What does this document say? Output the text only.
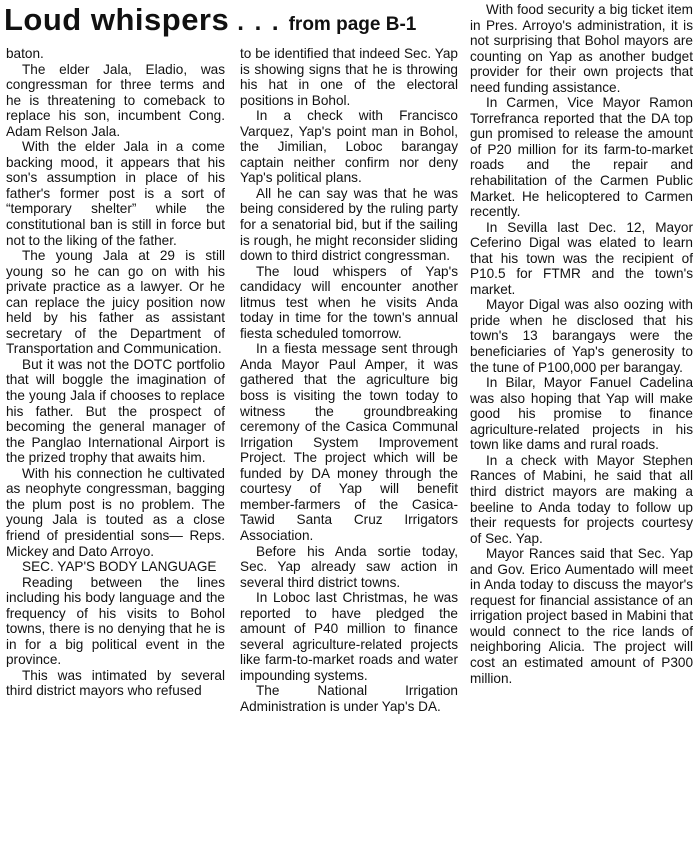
Loud whispers . . . from page B-1

baton.

The elder Jala, Eladio, was congressman for three terms and he is threatening to comeback to replace his son, incumbent Cong. Adam Relson Jala.

With the elder Jala in a come backing mood, it appears that his son's assumption in place of his father's former post is a sort of “temporary shelter” while the constitutional ban is still in force but not to the liking of the father.

The young Jala at 29 is still young so he can go on with his private practice as a lawyer. Or he can replace the juicy position now held by his father as assistant secretary of the Department of Transportation and Communication.

But it was not the DOTC portfolio that will boggle the imagination of the young Jala if chooses to replace his father. But the prospect of becoming the general manager of the Panglao International Airport is the prized trophy that awaits him.

With his connection he cultivated as neophyte congressman, bagging the plum post is no problem. The young Jala is touted as a close friend of presidential sons— Reps. Mickey and Dato Arroyo.

SEC. YAP'S BODY LANGUAGE

Reading between the lines including his body language and the frequency of his visits to Bohol towns, there is no denying that he is in for a big political event in the province.

This was intimated by several third district mayors who refused

to be identified that indeed Sec. Yap is showing signs that he is throwing his hat in one of the electoral positions in Bohol.

In a check with Francisco Varquez, Yap's point man in Bohol, the Jimilian, Loboc barangay captain neither confirm nor deny Yap's political plans.

All he can say was that he was being considered by the ruling party for a senatorial bid, but if the sailing is rough, he might reconsider sliding down to third district congressman.

The loud whispers of Yap's candidacy will encounter another litmus test when he visits Anda today in time for the town's annual fiesta scheduled tomorrow.

In a fiesta message sent through Anda Mayor Paul Amper, it was gathered that the agriculture big boss is visiting the town today to witness the groundbreaking ceremony of the Casica Communal Irrigation System Improvement Project. The project which will be funded by DA money through the courtesy of Yap will benefit member-farmers of the Casica-Tawid Santa Cruz Irrigators Association.

Before his Anda sortie today, Sec. Yap already saw action in several third district towns.

In Loboc last Christmas, he was reported to have pledged the amount of P40 million to finance several agriculture-related projects like farm-to-market roads and water impounding systems.

The National Irrigation Administration is under Yap's DA.

With food security a big ticket item in Pres. Arroyo's administration, it is not surprising that Bohol mayors are counting on Yap as another budget provider for their own projects that need funding assistance.

In Carmen, Vice Mayor Ramon Torrefranca reported that the DA top gun promised to release the amount of P20 million for its farm-to-market roads and the repair and rehabilitation of the Carmen Public Market. He helicoptered to Carmen recently.

In Sevilla last Dec. 12, Mayor Ceferino Digal was elated to learn that his town was the recipient of P10.5 for FTMR and the town's market.

Mayor Digal was also oozing with pride when he disclosed that his town's 13 barangays were the beneficiaries of Yap's generosity to the tune of P100,000 per barangay.

In Bilar, Mayor Fanuel Cadelina was also hoping that Yap will make good his promise to finance agriculture-related projects in his town like dams and rural roads.

In a check with Mayor Stephen Rances of Mabini, he said that all third district mayors are making a beeline to Anda today to follow up their requests for projects courtesy of Sec. Yap.

Mayor Rances said that Sec. Yap and Gov. Erico Aumentado will meet in Anda today to discuss the mayor's request for financial assistance of an irrigation project based in Mabini that would connect to the rice lands of neighboring Alicia. The project will cost an estimated amount of P300 million.
